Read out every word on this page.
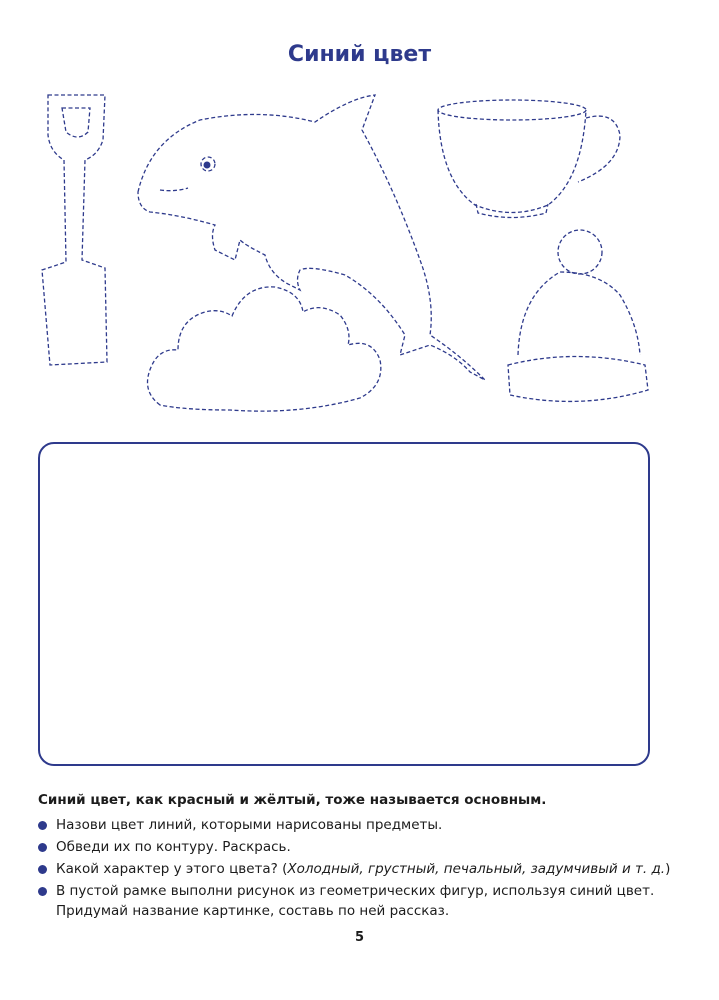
Синий цвет
Синий цвет, как красный и жёлтый, тоже называется основным.
Назови цвет линий, которыми нарисованы предметы.
Обведи их по контуру. Раскрась.
Какой характер у этого цвета? (Холодный, грустный, печальный, задумчивый и т. д.)
В пустой рамке выполни рисунок из геометрических фигур, используя синий цвет. Придумай название картинке, составь по ней рассказ.
5
